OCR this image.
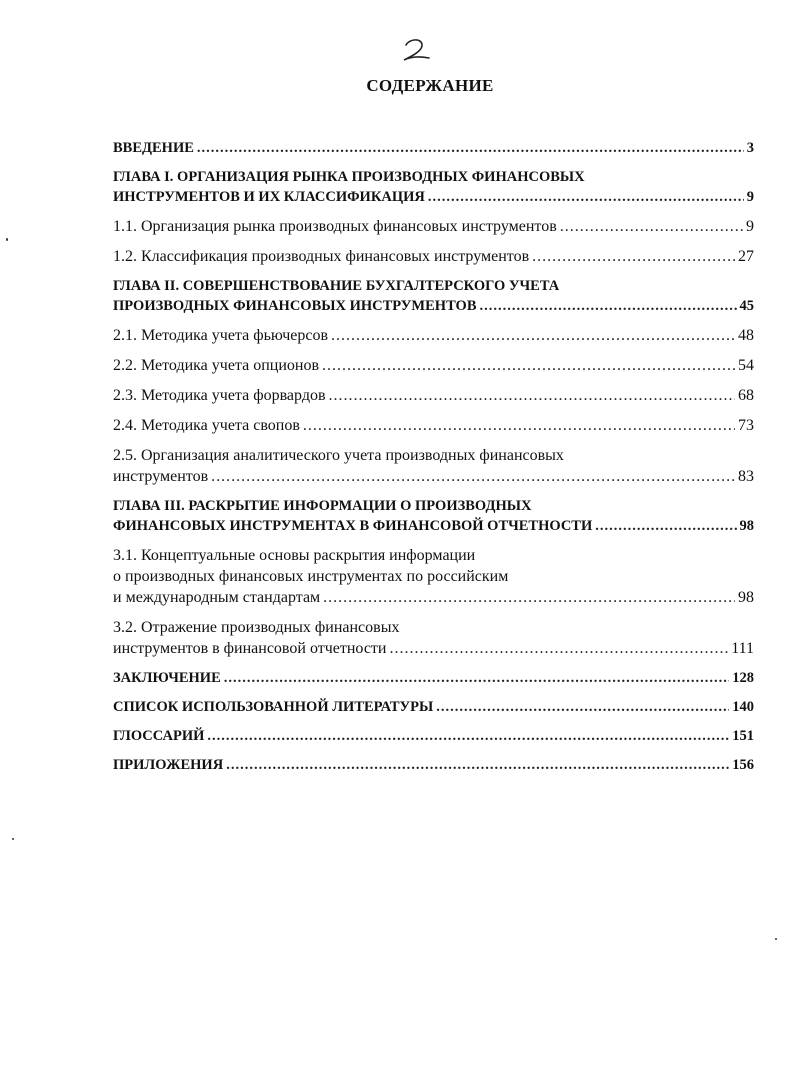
СОДЕРЖАНИЕ
ВВЕДЕНИЕ .....	3
ГЛАВА I. ОРГАНИЗАЦИЯ РЫНКА ПРОИЗВОДНЫХ ФИНАНСОВЫХ
ИНСТРУМЕНТОВ И ИХ КЛАССИФИКАЦИЯ .....	9
1.1. Организация рынка производных финансовых инструментов .....	9
1.2. Классификация производных финансовых инструментов .....	27
ГЛАВА II. СОВЕРШЕНСТВОВАНИЕ БУХГАЛТЕРСКОГО УЧЕТА
ПРОИЗВОДНЫХ ФИНАНСОВЫХ ИНСТРУМЕНТОВ .....	45
2.1. Методика учета фьючерсов .....	48
2.2. Методика учета опционов .....	54
2.3. Методика учета форвардов .....	68
2.4. Методика учета свопов .....	73
2.5. Организация аналитического учета производных финансовых
инструментов .....	83
ГЛАВА III. РАСКРЫТИЕ ИНФОРМАЦИИ О ПРОИЗВОДНЫХ
ФИНАНСОВЫХ ИНСТРУМЕНТАХ В ФИНАНСОВОЙ ОТЧЕТНОСТИ .....	98
3.1. Концептуальные основы раскрытия информации
о производных финансовых инструментах по российским
и международным стандартам .....	98
3.2. Отражение производных финансовых
инструментов в финансовой отчетности .....	111
ЗАКЛЮЧЕНИЕ .....	128
СПИСОК ИСПОЛЬЗОВАННОЙ ЛИТЕРАТУРЫ .....	140
ГЛОССАРИЙ .....	151
ПРИЛОЖЕНИЯ .....	156
